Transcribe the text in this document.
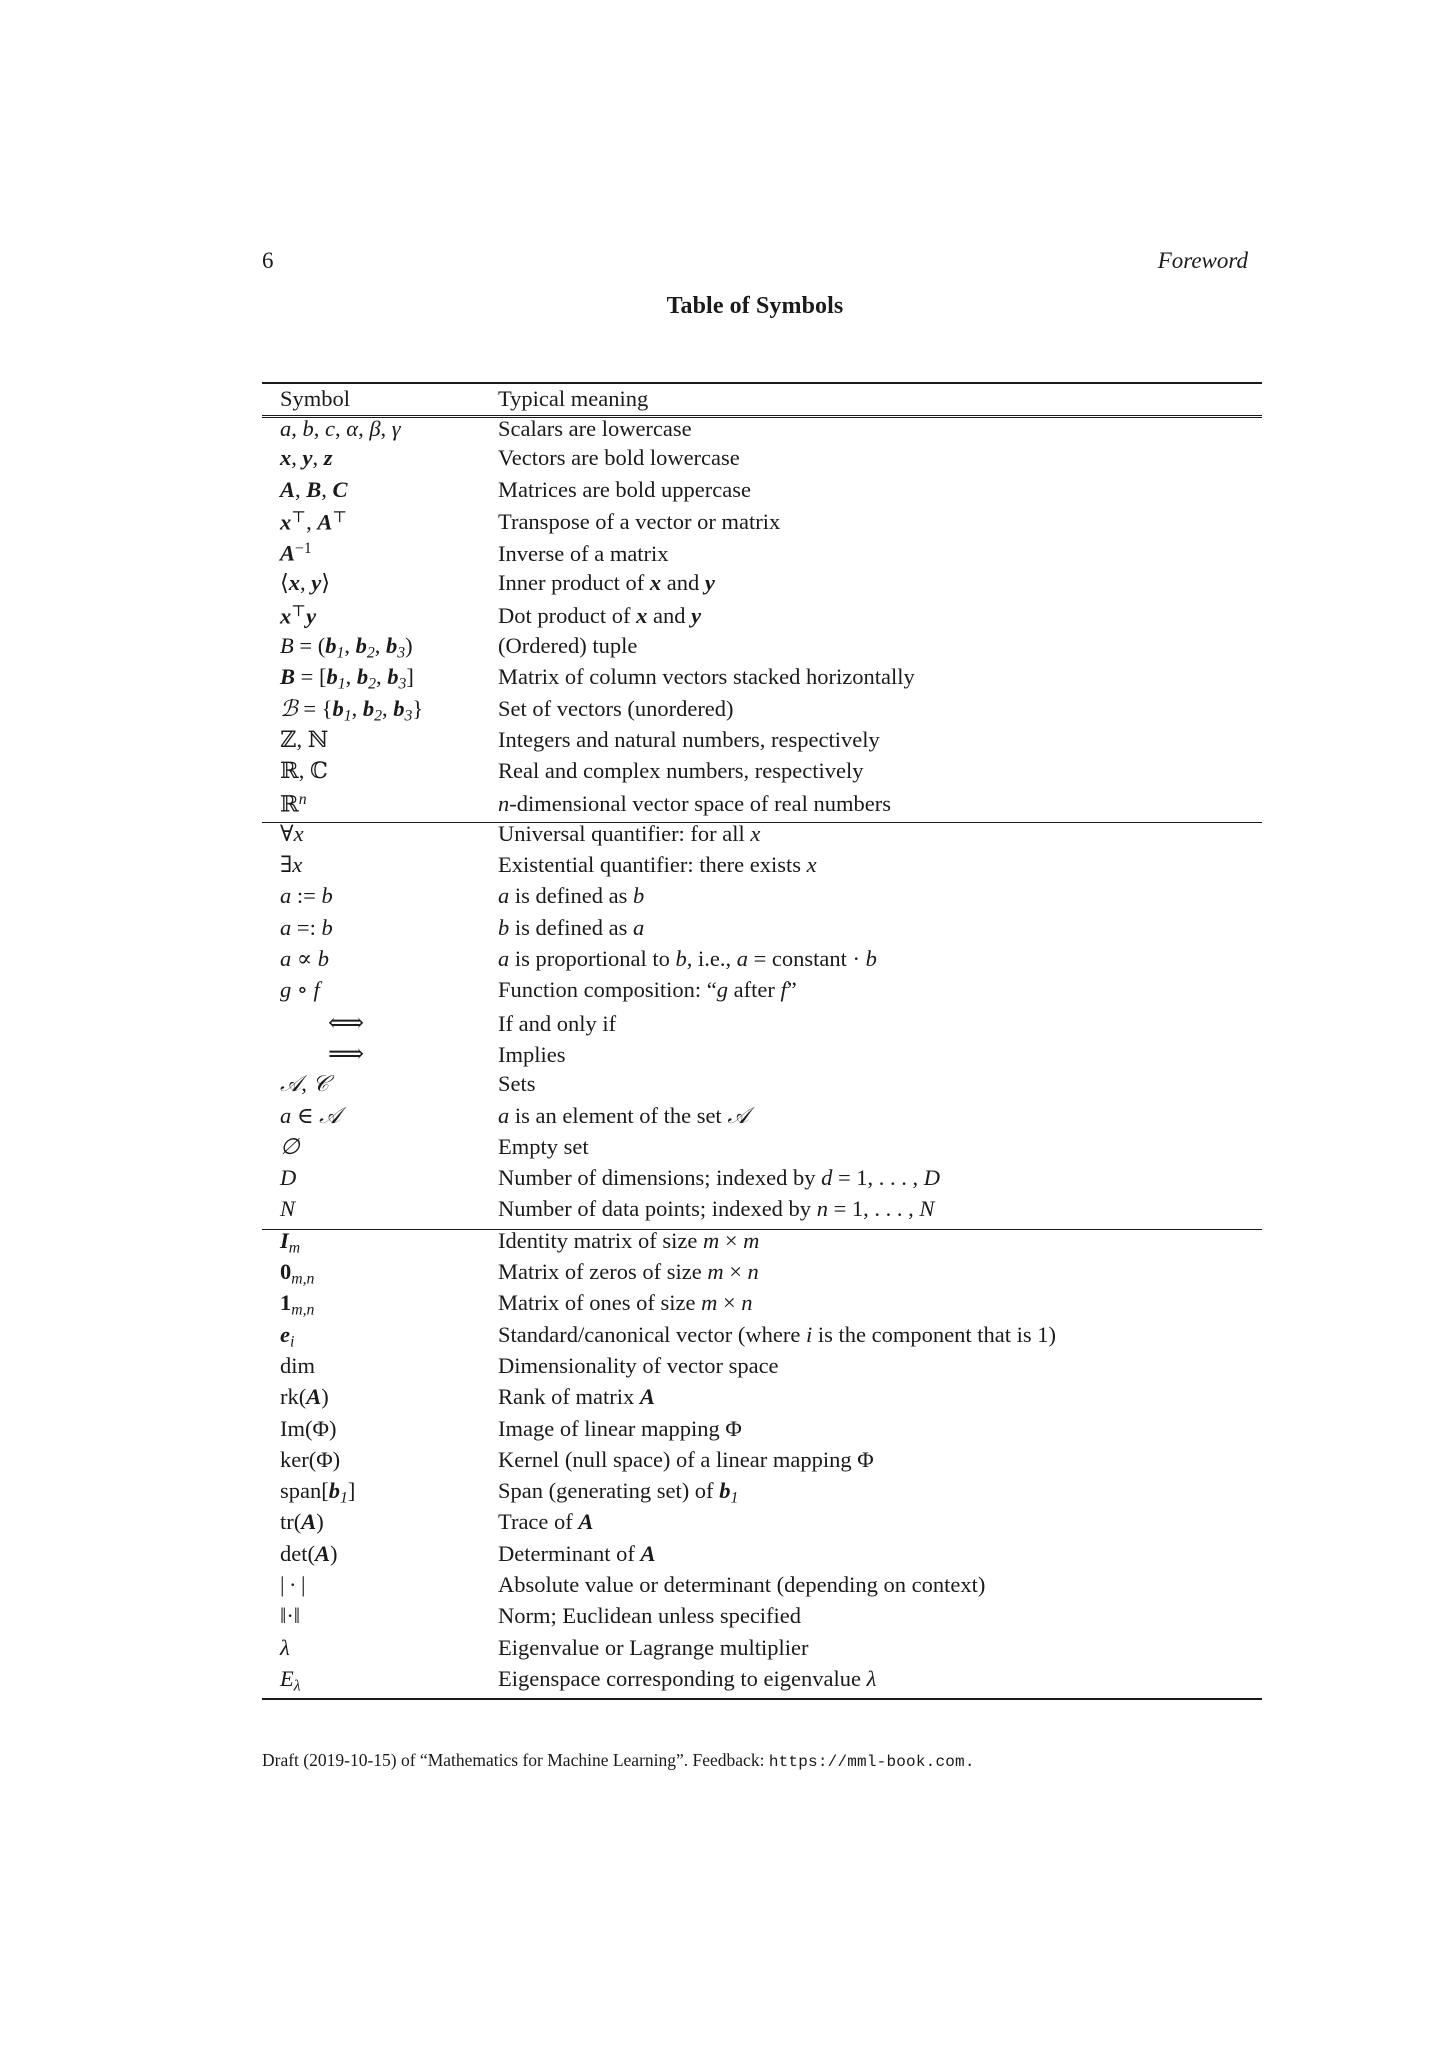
6	Foreword
Table of Symbols
Symbol	Typical meaning
a, b, c, α, β, γ	Scalars are lowercase
x, y, z	Vectors are bold lowercase
A, B, C	Matrices are bold uppercase
x⊤, A⊤	Transpose of a vector or matrix
$A^{-1}$	Inverse of a matrix
⟨x, y⟩	Inner product of x and y
x⊤y	Dot product of x and y
$B = (b_1$, $b_2$, $b_3$)	(Ordered) tuple
$B = [b_1$, $b_2$, $b_3$]	Matrix of column vectors stacked horizontally
ℬ = {$b_1$, $b_2$, $b_3$}	Set of vectors (unordered)
ℤ, ℕ	Integers and natural numbers, respectively
ℝ, ℂ	Real and complex numbers, respectively
ℝ$^n$	n-dimensional vector space of real numbers
∀x	Universal quantifier: for all x
∃x	Existential quantifier: there exists x
a := b	a is defined as b
a =: b	b is defined as a
a ∝ b	a is proportional to b, i.e., a = constant · b
g ∘ f	Function composition: “g after f”
⟺	If and only if
⟹	Implies
𝒜, 𝒞	Sets
a ∈ 𝒜	a is an element of the set 𝒜
∅	Empty set
D	Number of dimensions; indexed by d = 1, . . . , D
N	Number of data points; indexed by n = 1, . . . , N
$I_m$	Identity matrix of size m × m
$0_{m,n}$	Matrix of zeros of size m × n
$1_{m,n}$	Matrix of ones of size m × n
$e_i$	Standard/canonical vector (where i is the component that is 1)
dim	Dimensionality of vector space
rk(A)	Rank of matrix A
Im(Φ)	Image of linear mapping Φ
ker(Φ)	Kernel (null space) of a linear mapping Φ
$span[b_1]$	Span (generating set) of $b_1$
tr(A)	Trace of A
det(A)	Determinant of A
| · |	Absolute value or determinant (depending on context)
‖·‖	Norm; Euclidean unless specified
λ	Eigenvalue or Lagrange multiplier
$E_\lambda$	Eigenspace corresponding to eigenvalue λ

Draft (2019-10-15) of “Mathematics for Machine Learning”. Feedback: https://mml-book.com.
